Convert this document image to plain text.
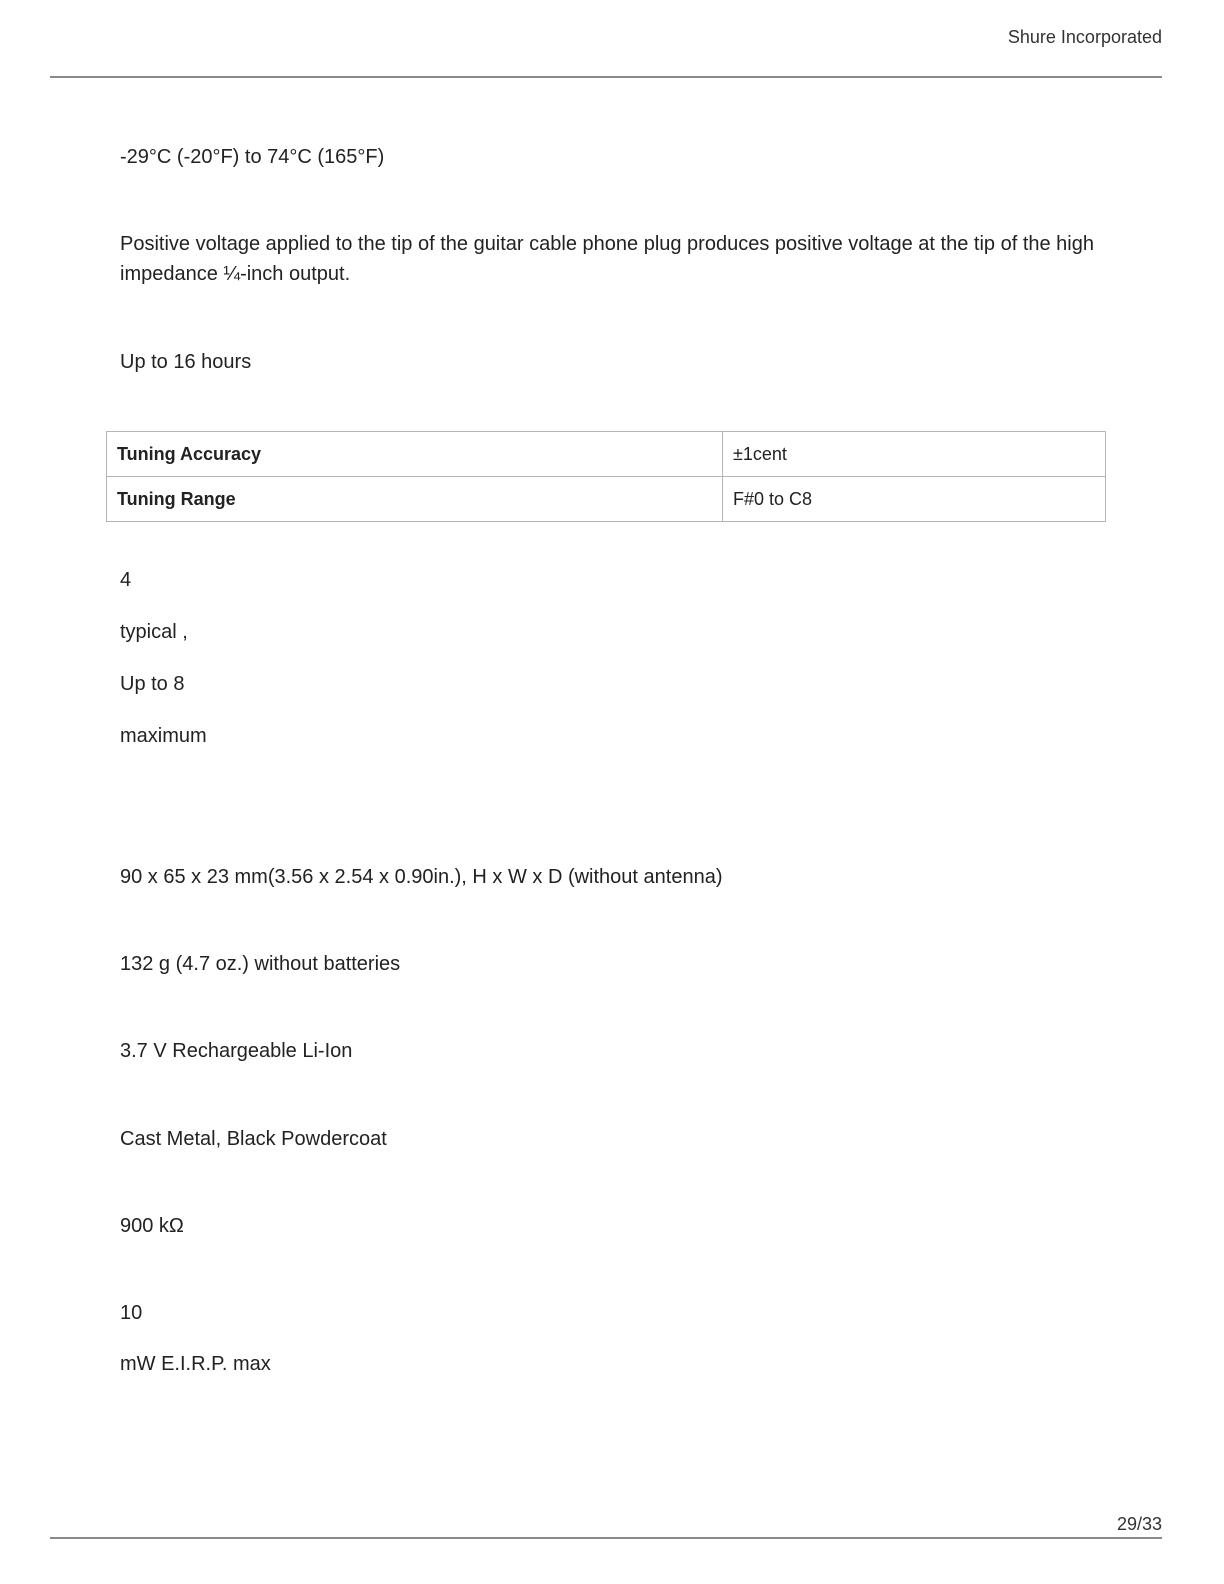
Shure Incorporated

-29°C (-20°F) to 74°C (165°F)

Positive voltage applied to the tip of the guitar cable phone plug produces positive voltage at the tip of the high impedance ¼-inch output.

Up to 16 hours

Tuning Accuracy	±1cent
Tuning Range	F#0 to C8

4

typical ,

Up to 8

maximum

90 x 65 x 23 mm(3.56 x 2.54 x 0.90in.), H x W x D (without antenna)

132 g (4.7 oz.) without batteries

3.7 V Rechargeable Li-Ion

Cast Metal, Black Powdercoat

900 kΩ

10

mW E.I.R.P. max

29/33
